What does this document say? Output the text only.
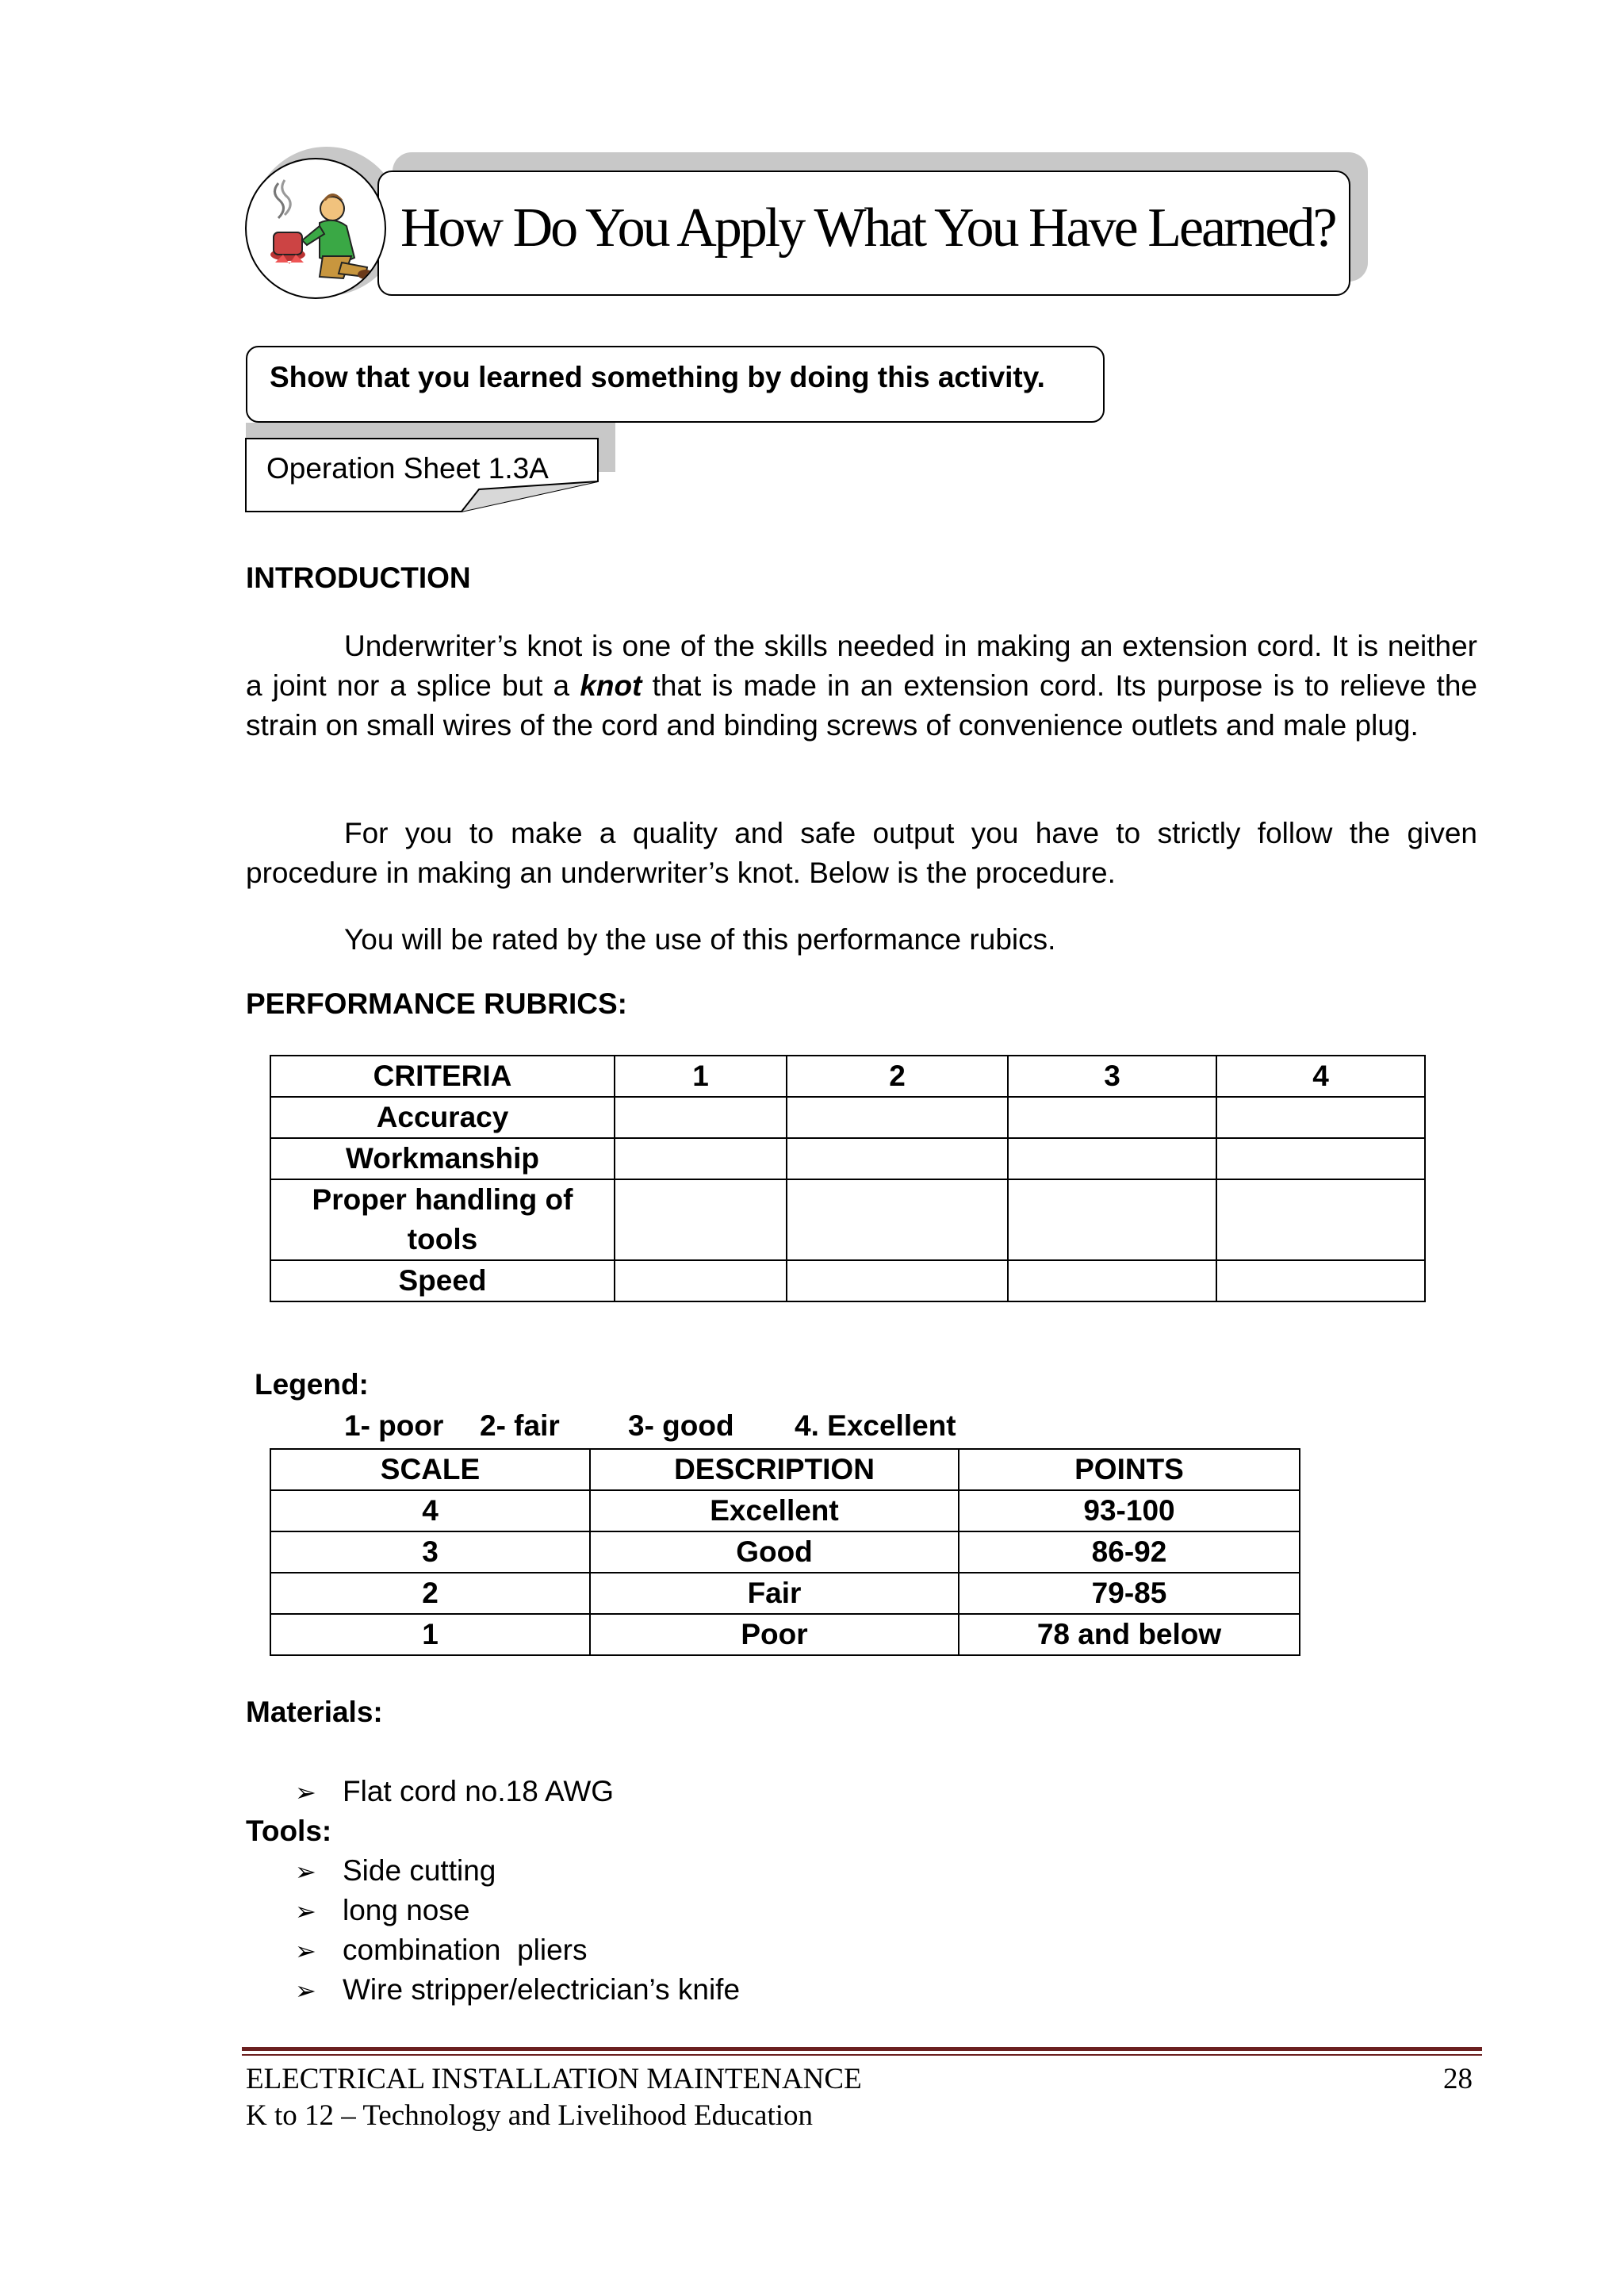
How Do You Apply What You Have Learned?
Show that you learned something by doing this activity.
Operation Sheet 1.3A
INTRODUCTION

Underwriter’s knot is one of the skills needed in making an extension cord. It is neither a joint nor a splice but a knot that is made in an extension cord. Its purpose is to relieve the strain on small wires of the cord and binding screws of convenience outlets and male plug.

For you to make a quality and safe output you have to strictly follow the given procedure in making an underwriter’s knot. Below is the procedure.

You will be rated by the use of this performance rubics.

PERFORMANCE RUBRICS:
CRITERIA	1	2	3	4
Accuracy				
Workmanship				
Proper handling of tools				
Speed				
Legend:
1- poor 2- fair 3- good 4. Excellent
SCALE	DESCRIPTION	POINTS
4	Excellent	93-100
3	Good	86-92
2	Fair	79-85
1	Poor	78 and below
Materials:
➢ Flat cord no.18 AWG
Tools:
➢ Side cutting
➢ long nose
➢ combination  pliers
➢ Wire stripper/electrician’s knife
ELECTRICAL INSTALLATION MAINTENANCE
K to 12 – Technology and Livelihood Education
28
